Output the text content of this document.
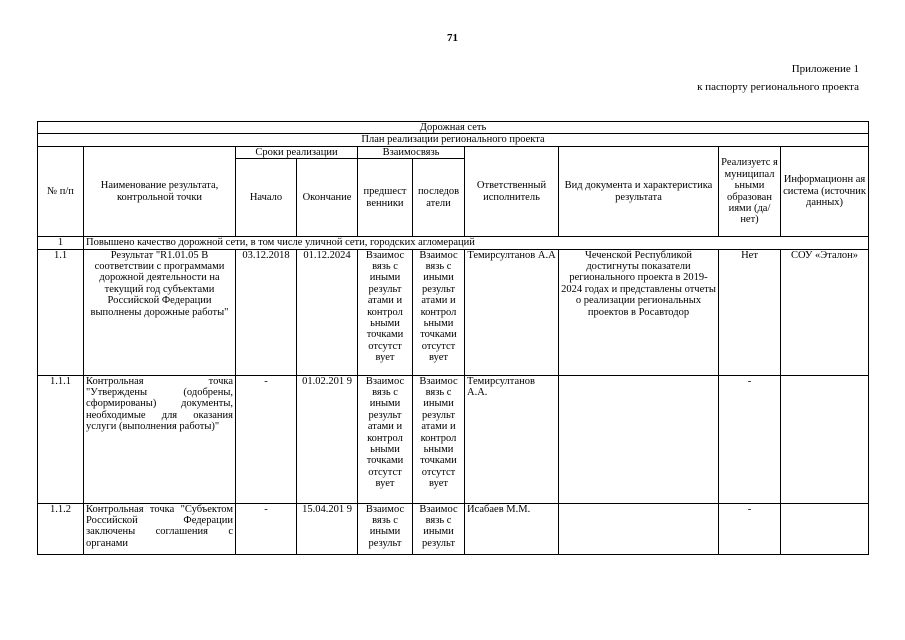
71
Приложение 1
к паспорту регионального проекта
Дорожная сеть									
План реализации регионального проекта									
№ п/п	Наименование результата, контрольной точки	Сроки реализации		Взаимосвязь		Ответственный исполнитель	Вид документа и характеристика результата	Реализуетс я муниципал ьными образован иями (да/нет)	Информационн ая система (источник данных)
		Начало	Окончание	предшест венники	последов атели				
1	Повышено качество дорожной сети, в том числе уличной сети, городских агломераций								
1.1	Результат "R1.01.05 В соответствии с программами дорожной деятельности на текущий год субъектами Российской Федерации выполнены дорожные работы"	03.12.2018	01.12.2024	Взаимос вязь с иными результ атами и контрол ьными точками отсутст вует	Взаимос вязь с иными результ атами и контрол ьными точками отсутст вует	Темирсултанов А.А	Чеченской Республикой достигнуты показатели регионального проекта в 2019-2024 годах и представлены отчеты о реализации региональных проектов в Росавтодор	Нет	СОУ «Эталон»
1.1.1	Контрольная точка "Утверждены (одобрены, сформированы) документы, необходимые для оказания услуги (выполнения работы)"	-	01.02.201 9	Взаимос вязь с иными результ атами и контрол ьными точками отсутст вует	Взаимос вязь с иными результ атами и контрол ьными точками отсутст вует	Темирсултанов А.А.		-	
1.1.2	Контрольная точка "Субъектом Российской Федерации заключены соглашения с органами	-	15.04.201 9	Взаимос вязь с иными результ	Взаимос вязь с иными результ	Исабаев М.М.		-	
